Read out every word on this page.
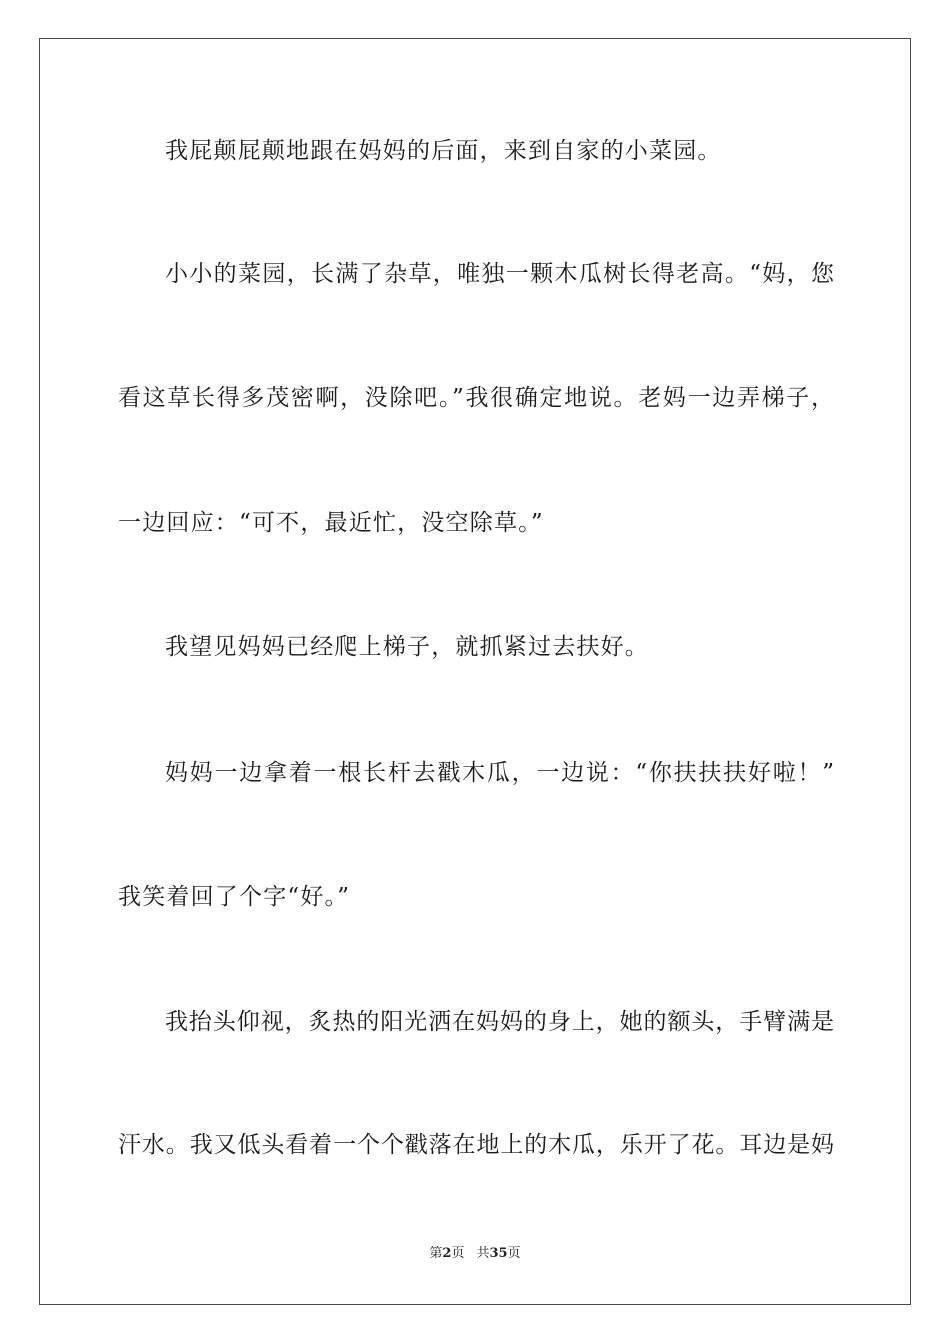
我屁颠屁颠地跟在妈妈的后面，来到自家的小菜园。
小小的菜园，长满了杂草，唯独一颗木瓜树长得老高。“妈，您
看这草长得多茂密啊，没除吧。”我很确定地说。老妈一边弄梯子，
一边回应：“可不，最近忙，没空除草。”
我望见妈妈已经爬上梯子，就抓紧过去扶好。
妈妈一边拿着一根长杆去戳木瓜，一边说：“你扶扶扶好啦！”
我笑着回了个字“好。”
我抬头仰视，炙热的阳光洒在妈妈的身上，她的额头，手臂满是
汗水。我又低头看着一个个戳落在地上的木瓜，乐开了花。耳边是妈
第2页 共35页
